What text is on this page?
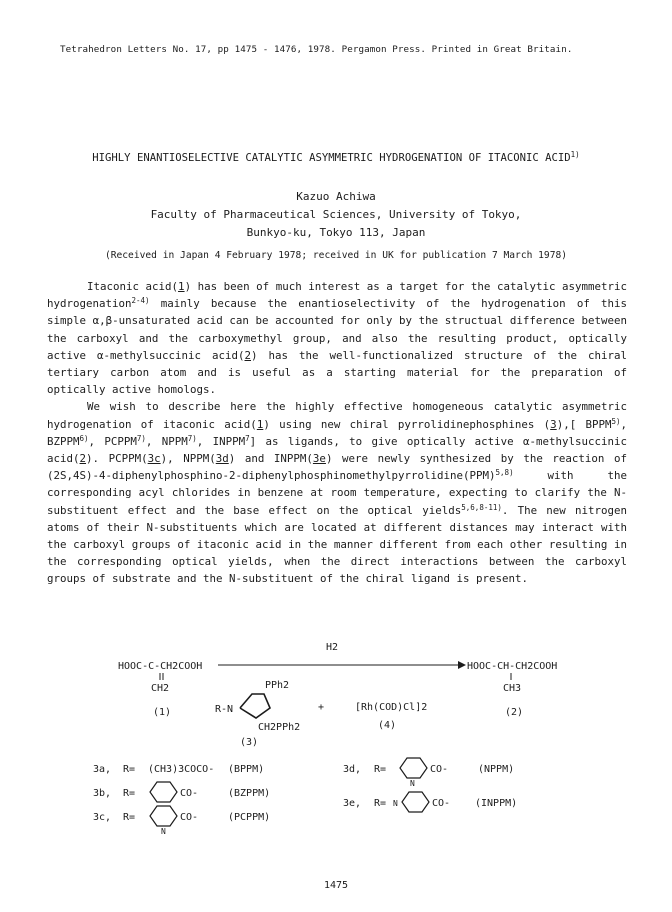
Tetrahedron Letters No. 17, pp 1475 - 1476, 1978. Pergamon Press. Printed in Great Britain.
HIGHLY ENANTIOSELECTIVE CATALYTIC ASYMMETRIC HYDROGENATION OF ITACONIC ACID$^{1)}$
Kazuo Achiwa
Faculty of Pharmaceutical Sciences, University of Tokyo,
Bunkyo-ku, Tokyo 113, Japan
(Received in Japan 4 February 1978; received in UK for publication 7 March 1978)

Itaconic acid(1) has been of much interest as a target for the catalytic asymmetric hydrogenation$^{2-4)}$ mainly because the enantioselectivity of the hydrogenation of this simple α,β-unsaturated acid can be accounted for only by the structual difference between the carboxyl and the carboxymethyl group, and also the resulting product, optically active α-methylsuccinic acid(2) has the well-functionalized structure of the chiral tertiary carbon atom and is useful as a starting material for the preparation of optically active homologs.

We wish to describe here the highly effective homogeneous catalytic asymmetric hydrogenation of itaconic acid(1) using new chiral pyrrolidinephosphines (3),[ BPPM$^{5)}$, BZPPM$^{6)}$, PCPPM$^{7)}$, NPPM$^{7)}$, INPPM$^7$] as ligands, to give optically active α-methylsuccinic acid(2). PCPPM(3c), NPPM(3d) and INPPM(3e) were newly synthesized by the reaction of (2S,4S)-4-diphenylphosphino-2-diphenylphosphinomethylpyrrolidine(PPM)$^{5,8)}$ with the corresponding acyl chlorides in benzene at room temperature, expecting to clarify the N-substituent effect and the base effect on the optical yields$^{5,6,8-11)}$. The new nitrogen atoms of their N-substituents which are located at different distances may interact with the carboxyl groups of itaconic acid in the manner different from each other resulting in the corresponding optical yields, when the direct interactions between the carboxyl groups of substrate and the N-substituent of the chiral ligand is present.

H2
HOOC-C-CH2COOH
CH2
(1)
HOOC-CH-CH2COOH
CH3
(2)
R-N
PPh2
CH2PPh2
(3)
+	[Rh(COD)Cl]2
(4)
3a, R= (CH3)3COCO- (BPPM)
3b, R=	CO-	(BZPPM)
3c, R=
N
CO-	(PCPPM)
3d, R=
N
CO-	(NPPM)
3e, R= N	CO- (INPPM)
1475
